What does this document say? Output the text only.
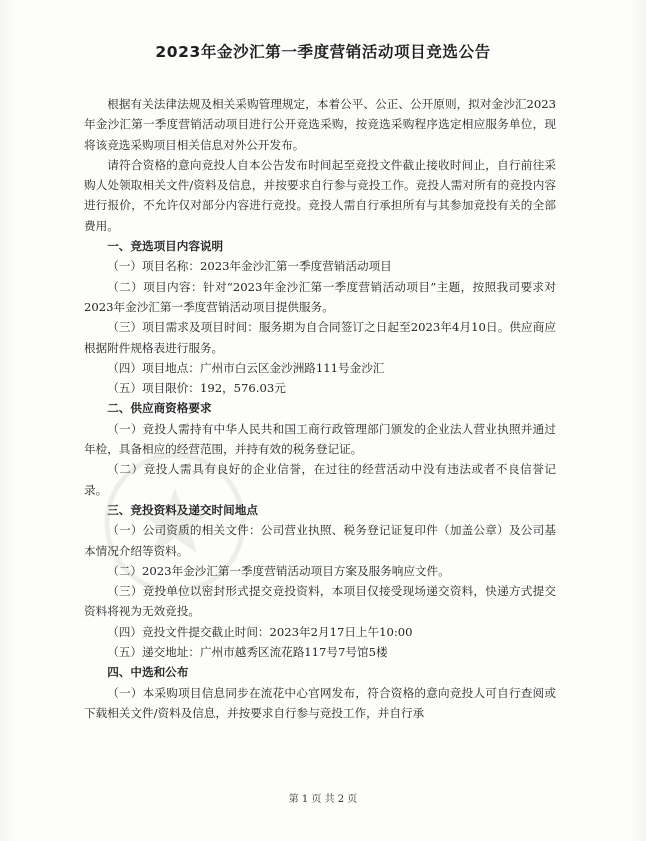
2023年金沙汇第一季度营销活动项目竞选公告

根据有关法律法规及相关采购管理规定，本着公平、公正、公开原则，拟对金沙汇2023年金沙汇第一季度营销活动项目进行公开竞选采购，按竞选采购程序选定相应服务单位，现将该竞选采购项目相关信息对外公开发布。

请符合资格的意向竞投人自本公告发布时间起至竞投文件截止接收时间止，自行前往采购人处领取相关文件/资料及信息，并按要求自行参与竞投工作。竞投人需对所有的竞投内容进行报价，不允许仅对部分内容进行竞投。竞投人需自行承担所有与其参加竞投有关的全部费用。

一、竞选项目内容说明

（一）项目名称：2023年金沙汇第一季度营销活动项目

（二）项目内容：针对“2023年金沙汇第一季度营销活动项目”主题，按照我司要求对2023年金沙汇第一季度营销活动项目提供服务。

（三）项目需求及项目时间：服务期为自合同签订之日起至2023年4月10日。供应商应根据附件规格表进行服务。

（四）项目地点：广州市白云区金沙洲路111号金沙汇

（五）项目限价：192，576.03元

二、供应商资格要求

（一）竞投人需持有中华人民共和国工商行政管理部门颁发的企业法人营业执照并通过年检，具备相应的经营范围，并持有效的税务登记证。

（二）竞投人需具有良好的企业信誉，在过往的经营活动中没有违法或者不良信誉记录。

三、竞投资料及递交时间地点

（一）公司资质的相关文件：公司营业执照、税务登记证复印件（加盖公章）及公司基本情况介绍等资料。

（二）2023年金沙汇第一季度营销活动项目方案及服务响应文件。

（三）竞投单位以密封形式提交竞投资料，本项目仅接受现场递交资料，快递方式提交资料将视为无效竞投。

（四）竞投文件提交截止时间：2023年2月17日上午10:00

（五）递交地址：广州市越秀区流花路117号7号馆5楼

四、中选和公布

（一）本采购项目信息同步在流花中心官网发布，符合资格的意向竞投人可自行查阅或下载相关文件/资料及信息，并按要求自行参与竞投工作，并自行承

第 1 页 共 2 页
